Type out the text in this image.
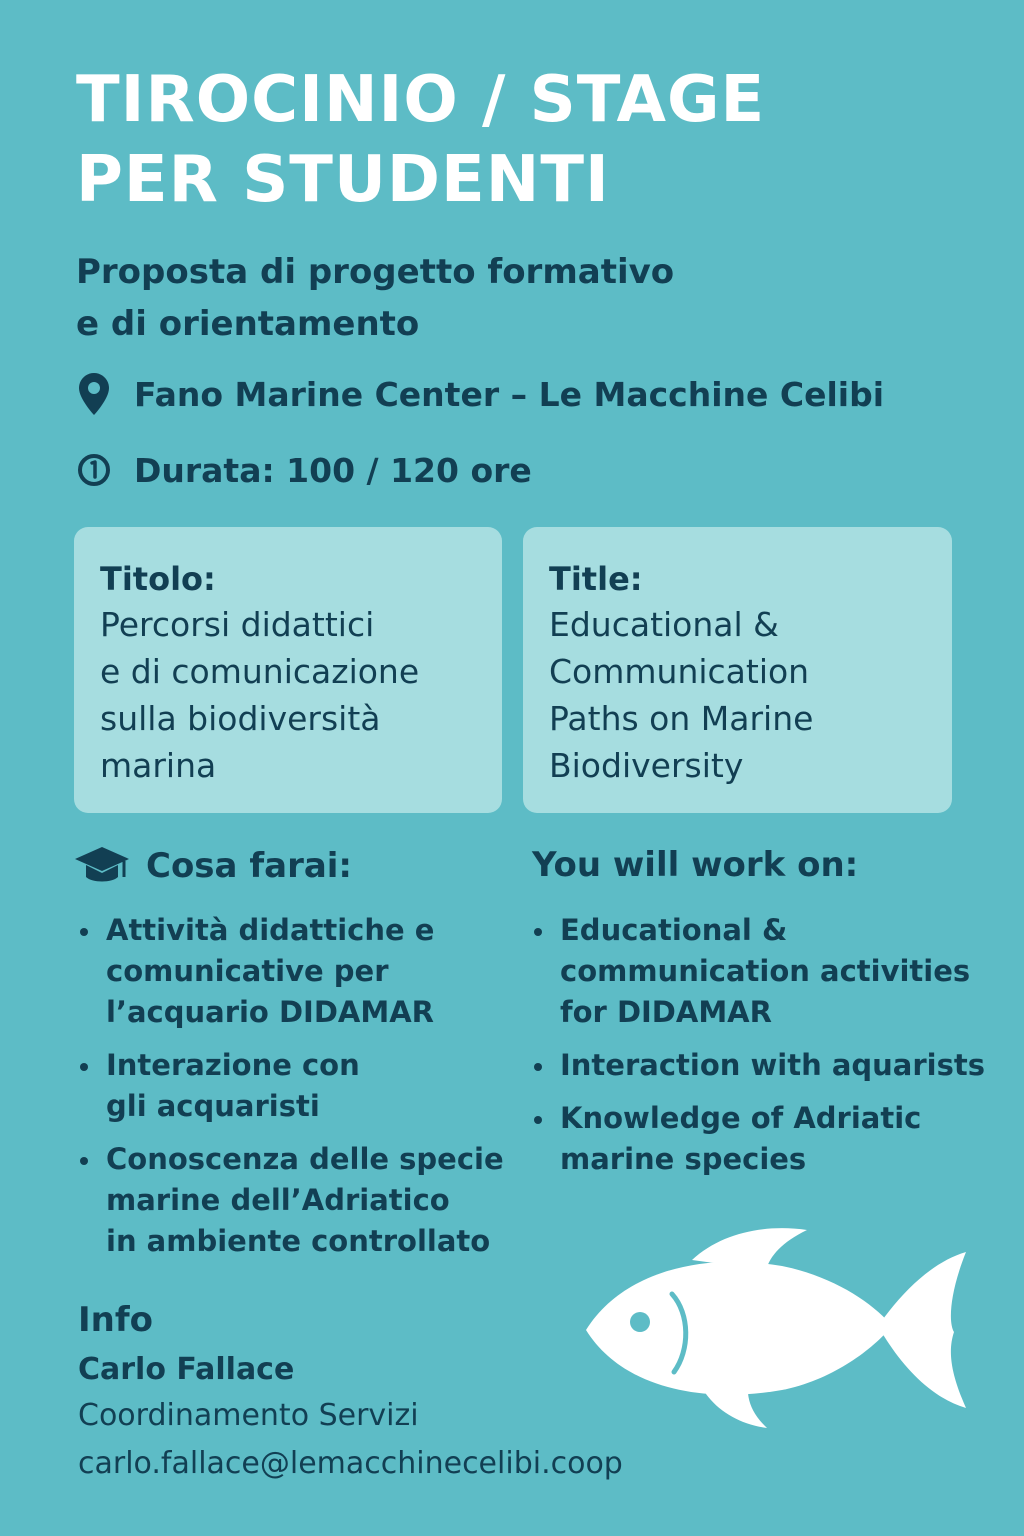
TIROCINIO / STAGE
PER STUDENTI
Proposta di progetto formativo
e di orientamento
Fano Marine Center – Le Macchine Celibi
Durata: 100 / 120 ore
Titolo:
Percorsi didattici
e di comunicazione
sulla biodiversità
marina
Title:
Educational &
Communication
Paths on Marine
Biodiversity
Cosa farai:	You will work on:
Attività didattiche e
comunicative per
l’acquario DIDAMAR
Interazione con
gli acquaristi
Conoscenza delle specie
marine dell’Adriatico
in ambiente controllato
Educational &
communication activities
for DIDAMAR
Interaction with aquarists
Knowledge of Adriatic
marine species
Info
Carlo Fallace
Coordinamento Servizi
carlo.fallace@lemacchinecelibi.coop
